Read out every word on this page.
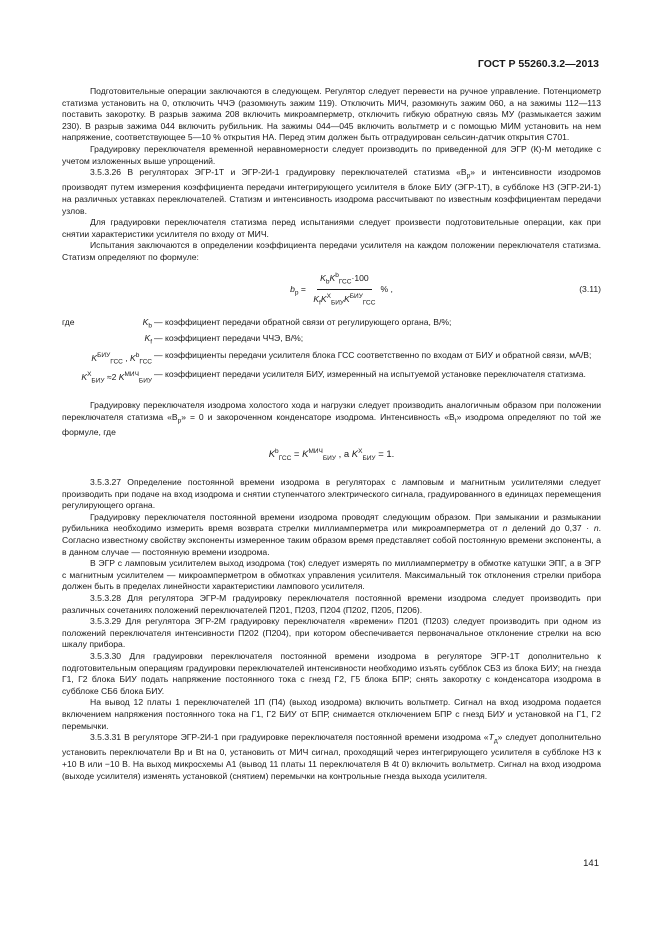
ГОСТ Р 55260.3.2—2013

Подготовительные операции заключаются в следующем. Регулятор следует перевести на ручное управление. Потенциометр статизма установить на 0, отключить ЧЧЭ (разомкнуть зажим 119). Отключить МИЧ, разомкнуть зажим 060, а на зажимы 112—113 поставить закоротку. В разрыв зажима 208 включить микроамперметр, отключить гибкую обратную связь МУ (размыкается зажим 230). В разрыв зажима 044 включить рубильник. На зажимы 044—045 включить вольтметр и с помощью МИМ установить на нем напряжение, соответствующее 5—10 % открытия НА. Перед этим должен быть отградуирован сельсин-датчик открытия С701.

Градуировку переключателя временной неравномерности следует производить по приведенной для ЭГР (К)-М методике с учетом изложенных выше упрощений.

3.5.3.26 В регуляторах ЭГР-1Т и ЭГР-2И-1 градуировку переключателей статизма «$B_p$» и интенсивности изодромов производят путем измерения коэффициента передачи интегрирующего усилителя в блоке БИУ (ЭГР-1Т), в субблоке НЗ (ЭГР-2И-1) на различных уставках переключателей. Статизм и интенсивность изодрома рассчитывают по известным коэффициентам передачи узлов.

Для градуировки переключателя статизма перед испытаниями следует произвести подготовительные операции, как при снятии характеристики усилителя по входу от МИЧ.

Испытания заключаются в определении коэффициента передачи усилителя на каждом положении переключателя статизма. Статизм определяют по формуле:

$b_p = \frac{K_bK^b_{ГСС}\cdot 100}{K_fK^X_{БИУ}K^{БИУ}_{ГСС}}$ % ,	(3.11)
где	$K_b$ — коэффициент передачи обратной связи от регулирующего органа, В/%;
$K_f$ — коэффициент передачи ЧЧЭ, В/%;
$K^{БИУ}_{ГСС}$ , $K^b_{ГСС}$
— коэффициенты передачи усилителя блока ГСС соответственно по входам от БИУ и обратной связи, мА/В;
$K^X_{БИУ} \approx 2$ $K^{МИЧ}_{БИУ}$
— коэффициент передачи усилителя БИУ, измеренный на испытуемой установке переключателя статизма.

Градуировку переключателя изодрома холостого хода и нагрузки следует производить аналогичным образом при положении переключателя статизма «$B_p$» = 0 и закороченном конденсаторе изодрома. Интенсивность «$B_t$» изодрома определяют по той же формуле, где

$K^b_{ГСС} = K^{МИЧ}_{БИУ}$ , а $K^X_{БИУ} = 1$.

3.5.3.27 Определение постоянной времени изодрома в регуляторах с ламповым и магнитным усилителями следует производить при подаче на вход изодрома и снятии ступенчатого электрического сигнала, градуированного в единицах перемещения регулирующего органа.

Градуировку переключателя постоянной времени изодрома проводят следующим образом. При замыкании и размыкании рубильника необходимо измерить время возврата стрелки миллиамперметра или микроамперметра от n делений до 0,37 · n. Согласно известному свойству экспоненты измеренное таким образом время представляет собой постоянную времени экспоненты, а в данном случае — постоянную времени изодрома.

В ЭГР с ламповым усилителем выход изодрома (ток) следует измерять по миллиамперметру в обмотке катушки ЭПГ, а в ЭГР с магнитным усилителем — микроамперметром в обмотках управления усилителя. Максимальный ток отклонения стрелки прибора должен быть в пределах линейности характеристики лампового усилителя.

3.5.3.28 Для регулятора ЭГР-М градуировку переключателя постоянной времени изодрома следует производить при различных сочетаниях положений переключателей П201, П203, П204 (П202, П205, П206).

3.5.3.29 Для регулятора ЭГР-2М градуировку переключателя «времени» П201 (П203) следует производить при одном из положений переключателя интенсивности П202 (П204), при котором обеспечивается первоначальное отклонение стрелки на всю шкалу прибора.

3.5.3.30 Для градуировки переключателя постоянной времени изодрома в регуляторе ЭГР-1Т дополнительно к подготовительным операциям градуировки переключателей интенсивности необходимо изъять субблок СБ3 из блока БИУ; на гнезда Г1, Г2 блока БИУ подать напряжение постоянного тока с гнезд Г2, Г5 блока БПР; снять закоротку с конденсатора изодрома в субблоке СБ6 блока БИУ.

На вывод 12 платы 1 переключателей 1П (П4) (выход изодрома) включить вольтметр. Сигнал на вход изодрома подается включением напряжения постоянного тока на Г1, Г2 БИУ от БПР, снимается отключением БПР с гнезд БИУ и установкой на Г1, Г2 перемычки.

3.5.3.31 В регуляторе ЭГР-2И-1 при градуировке переключателя постоянной времени изодрома «$T_д$» следует дополнительно установить переключатели Вр и Вt на 0, установить от МИЧ сигнал, проходящий через интегрирующего усилителя в субблоке НЗ к +10 В или −10 В. На выход микросхемы А1 (вывод 11 платы 11 переключателя В 4t 0) включить вольтметр. Сигнал на вход изодрома (выходе усилителя) изменять установкой (снятием) перемычки на контрольные гнезда выхода усилителя.

141
